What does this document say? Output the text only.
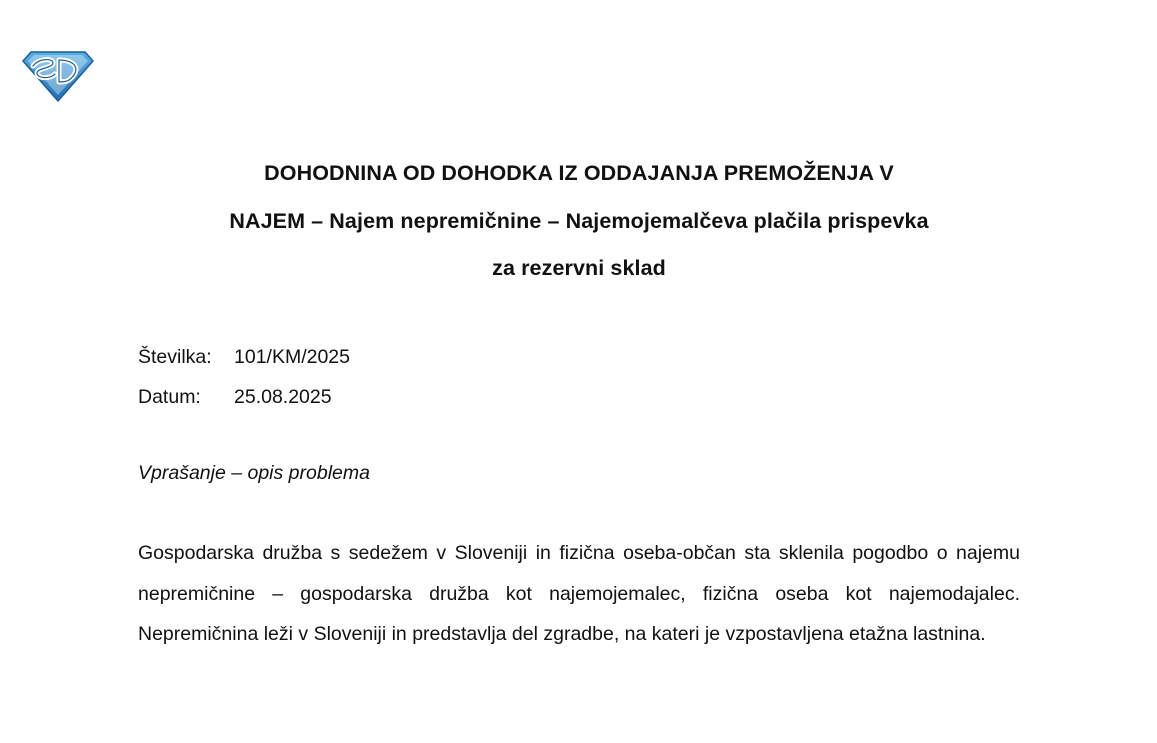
DOHODNINA OD DOHODKA IZ ODDAJANJA PREMOŽENJA V
NAJEM – Najem nepremičnine – Najemojemalčeva plačila prispevka
za rezervni sklad
Številka:	101/KM/2025
Datum:	25.08.2025
Vprašanje – opis problema
Gospodarska družba s sedežem v Sloveniji in fizična oseba-občan sta sklenila pogodbo o najemu nepremičnine – gospodarska družba kot najemojemalec, fizična oseba kot najemodajalec. Nepremičnina leži v Sloveniji in predstavlja del zgradbe, na kateri je vzpostavljena etažna lastnina.
